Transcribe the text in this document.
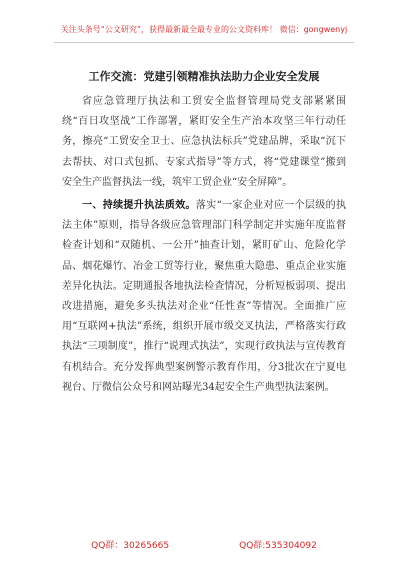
关注头条号“公文研究”，获得最新最全最专业的公文资料库！ 微信：gongwenyj
工作交流：党建引领精准执法助力企业安全发展

省应急管理厅执法和工贸安全监督管理局党支部紧紧围绕“百日攻坚战”工作部署，紧盯安全生产治本攻坚三年行动任务，擦亮“工贸安全卫士、应急执法标兵”党建品牌，采取“沉下去帮扶、对口式包抓、专家式指导”等方式，将“党建课堂”搬到安全生产监督执法一线，筑牢工贸企业“安全屏障”。

一、持续提升执法质效。落实“一家企业对应一个层级的执法主体”原则，指导各级应急管理部门科学制定并实施年度监督检查计划和“双随机、一公开”抽查计划，紧盯矿山、危险化学品、烟花爆竹、冶金工贸等行业，聚焦重大隐患、重点企业实施差异化执法。定期通报各地执法检查情况，分析短板弱项、提出改进措施，避免多头执法对企业“任性查”等情况。全面推广应用“互联网+执法”系统，组织开展市级交叉执法，严格落实行政执法“三项制度”，推行“说理式执法”，实现行政执法与宣传教育有机结合。充分发挥典型案例警示教育作用，分3批次在宁夏电视台、厅微信公众号和网站曝光34起安全生产典型执法案例。

QQ群：30265665	QQ群:535304092
